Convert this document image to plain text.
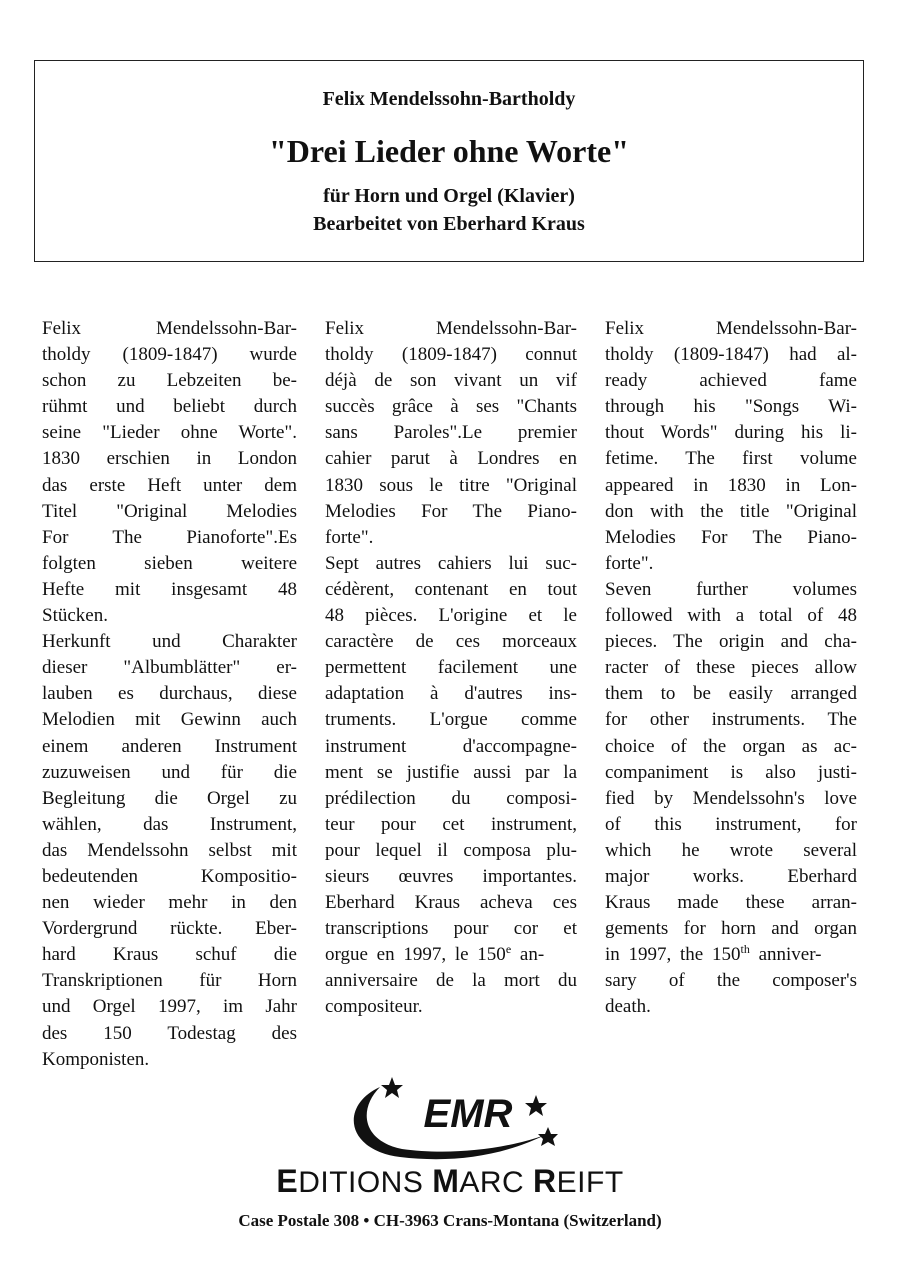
Felix Mendelssohn-Bartholdy
"Drei Lieder ohne Worte"
für Horn und Orgel (Klavier)
Bearbeitet von Eberhard Kraus
Felix Mendelssohn-Bar-
tholdy (1809-1847) wurde
schon zu Lebzeiten be-
rühmt und beliebt durch
seine "Lieder ohne Worte".
1830 erschien in London
das erste Heft unter dem
Titel "Original Melodies
For The Pianoforte".Es
folgten sieben weitere
Hefte mit insgesamt 48
Stücken.
Herkunft und Charakter
dieser "Albumblätter" er-
lauben es durchaus, diese
Melodien mit Gewinn auch
einem anderen Instrument
zuzuweisen und für die
Begleitung die Orgel zu
wählen, das Instrument,
das Mendelssohn selbst mit
bedeutenden Kompositio-
nen wieder mehr in den
Vordergrund rückte. Eber-
hard Kraus schuf die
Transkriptionen für Horn
und Orgel 1997, im Jahr
des 150 Todestag des
Komponisten.
Felix Mendelssohn-Bar-
tholdy (1809-1847) connut
déjà de son vivant un vif
succès grâce à ses "Chants
sans Paroles".Le premier
cahier parut à Londres en
1830 sous le titre "Original
Melodies For The Piano-
forte".
Sept autres cahiers lui suc-
cédèrent, contenant en tout
48 pièces. L'origine et le
caractère de ces morceaux
permettent facilement une
adaptation à d'autres ins-
truments. L'orgue comme
instrument d'accompagne-
ment se justifie aussi par la
prédilection du composi-
teur pour cet instrument,
pour lequel il composa plu-
sieurs œuvres importantes.
Eberhard Kraus acheva ces
transcriptions pour cor et
orgue en 1997, le 150e an-
anniversaire de la mort du
compositeur.
Felix Mendelssohn-Bar-
tholdy (1809-1847) had al-
ready achieved fame
through his "Songs Wi-
thout Words" during his li-
fetime. The first volume
appeared in 1830 in Lon-
don with the title "Original
Melodies For The Piano-
forte".
Seven further volumes
followed with a total of 48
pieces. The origin and cha-
racter of these pieces allow
them to be easily arranged
for other instruments. The
choice of the organ as ac-
companiment is also justi-
fied by Mendelssohn's love
of this instrument, for
which he wrote several
major works. Eberhard
Kraus made these arran-
gements for horn and organ
in 1997, the 150th anniver-
sary of the composer's
death.
EMR
EDITIONS MARC REIFT
Case Postale 308 • CH-3963 Crans-Montana (Switzerland)
